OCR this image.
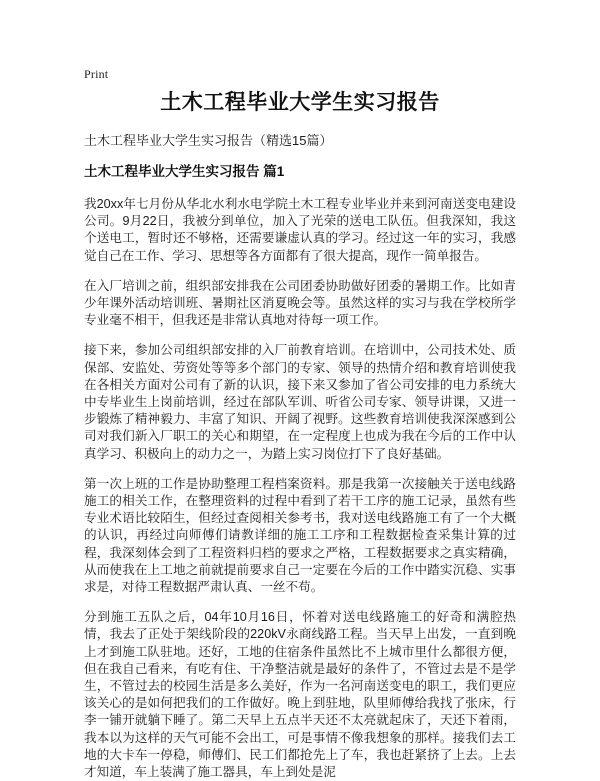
Print
土木工程毕业大学生实习报告

土木工程毕业大学生实习报告（精选15篇）

土木工程毕业大学生实习报告 篇1

我20xx年七月份从华北水利水电学院土木工程专业毕业并来到河南送变电建设公司。9月22日，我被分到单位，加入了光荣的送电工队伍。但我深知，我这个送电工，暂时还不够格，还需要谦虚认真的学习。经过这一年的实习，我感觉自己在工作、学习、思想等各方面都有了很大提高，现作一简单报告。

在入厂培训之前，组织部安排我在公司团委协助做好团委的暑期工作。比如青少年课外活动培训班、暑期社区消夏晚会等。虽然这样的实习与我在学校所学专业毫不相干，但我还是非常认真地对待每一项工作。

接下来，参加公司组织部安排的入厂前教育培训。在培训中，公司技术处、质保部、安监处、劳资处等等多个部门的专家、领导的热情介绍和教育培训使我在各相关方面对公司有了新的认识，接下来又参加了省公司安排的电力系统大中专毕业生上岗前培训，经过在部队军训、听省公司专家、领导讲课，又进一步锻炼了精神毅力、丰富了知识、开阔了视野。这些教育培训使我深深感到公司对我们新入厂职工的关心和期望，在一定程度上也成为我在今后的工作中认真学习、积极向上的动力之一，为踏上实习岗位打下了良好基础。

第一次上班的工作是协助整理工程档案资料。那是我第一次接触关于送电线路施工的相关工作，在整理资料的过程中看到了若干工序的施工记录，虽然有些专业术语比较陌生，但经过查阅相关参考书，我对送电线路施工有了一个大概的认识，再经过向师傅们请教详细的施工工序和工程数据检查采集计算的过程，我深刻体会到了工程资料归档的要求之严格，工程数据要求之真实精确，从而使我在上工地之前就提前要求自己一定要在今后的工作中踏实沉稳、实事求是，对待工程数据严肃认真、一丝不苟。

分到施工五队之后，04年10月16日，怀着对送电线路施工的好奇和满腔热情，我去了正处于架线阶段的220kV永商线路工程。当天早上出发，一直到晚上才到施工队驻地。还好，工地的住宿条件虽然比不上城市里什么都很方便，但在我自己看来，有吃有住、干净整洁就是最好的条件了，不管过去是不是学生，不管过去的校园生活是多么美好，作为一名河南送变电的职工，我们更应该关心的是如何把我们的工作做好。晚上到驻地，队里师傅给我找了张床，行李一铺开就躺下睡了。第二天早上五点半天还不太亮就起床了，天还下着雨，我本以为这样的天气可能不会出工，可是事情不像我想象的那样。接我们去工地的大卡车一停稳，师傅们、民工们都抢先上了车，我也赶紧挤了上去。上去才知道，车上装满了施工器具，车上到处是泥
